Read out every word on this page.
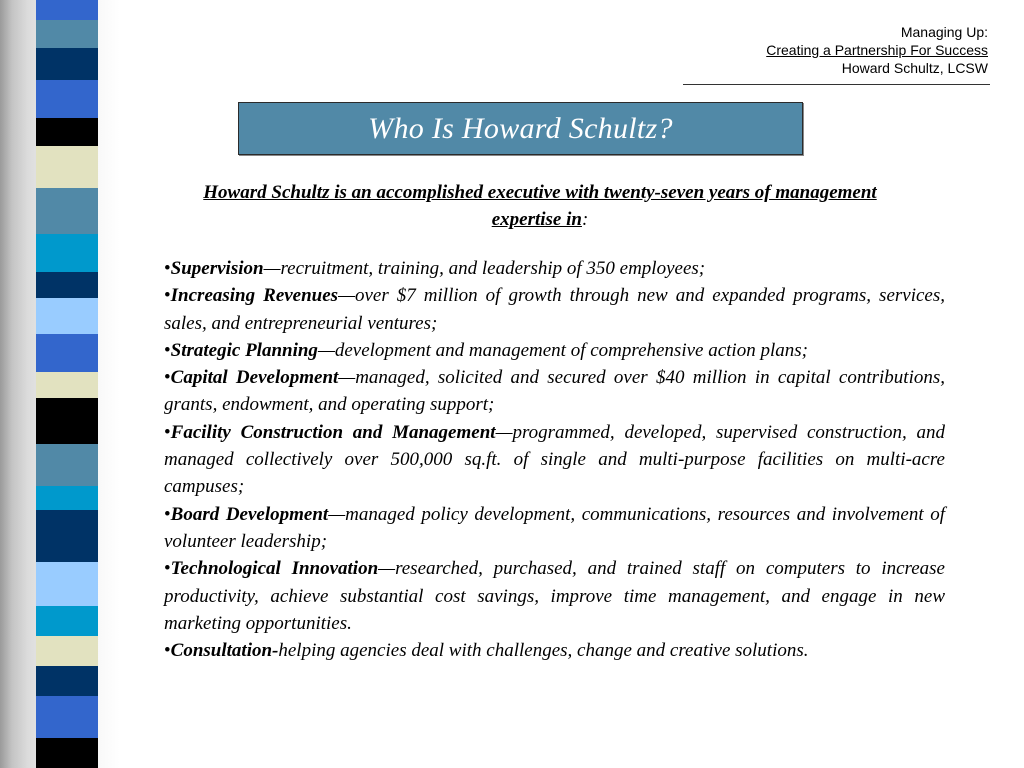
Managing Up:
Creating a Partnership For Success
Howard Schultz, LCSW
Who Is Howard Schultz?
Howard Schultz is an accomplished executive with twenty-seven years of management expertise in:

•Supervision—recruitment, training, and leadership of 350 employees;

•Increasing Revenues—over $7 million of growth through new and expanded programs, services, sales, and entrepreneurial ventures;

•Strategic Planning—development and management of comprehensive action plans;

•Capital Development—managed, solicited and secured over $40 million in capital contributions, grants, endowment, and operating support;

•Facility Construction and Management—programmed, developed, supervised construction, and managed collectively over 500,000 sq.ft. of single and multi-purpose facilities on multi-acre campuses;

•Board Development—managed policy development, communications, resources and involvement of volunteer leadership;

•Technological Innovation—researched, purchased, and trained staff on computers to increase productivity, achieve substantial cost savings, improve time management, and engage in new marketing opportunities.

•Consultation-helping agencies deal with challenges, change and creative solutions.
